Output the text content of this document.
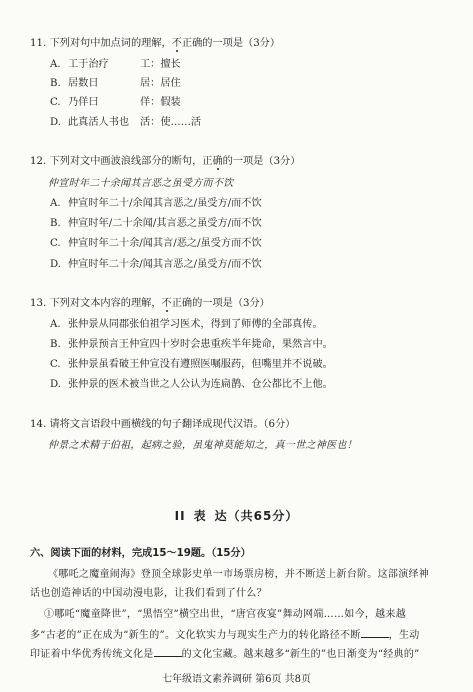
11. 下列对句中加点词的理解，不正确的一项是（3分）
A. 工于治疗	工：擅长
B. 居数日	居：居住
C. 乃佯曰	佯：假装
D. 此真活人书也 活：使……活
12. 下列对文中画波浪线部分的断句，正确的一项是（3分）
仲宣时年二十余闻其言恶之虽受方而不饮
A. 仲宣时年二十/余闻其言恶之/虽受方/而不饮
B. 仲宣时年/二十余闻/其言恶之虽受方/而不饮
C. 仲宣时年二十余/闻其言/恶之/虽受方而不饮
D. 仲宣时年二十余/闻其言恶之/虽受方/而不饮
13. 下列对文本内容的理解，不正确的一项是（3分）
A. 张仲景从同郡张伯祖学习医术，得到了师傅的全部真传。
B. 张仲景预言王仲宣四十岁时会患重疾半年毙命，果然言中。
C. 张仲景虽看破王仲宣没有遵照医嘱服药，但嘴里并不说破。
D. 张仲景的医术被当世之人公认为连扁鹊、仓公都比不上他。
14. 请将文言语段中画横线的句子翻译成现代汉语。（6分）
仲景之术精于伯祖，起病之验，虽鬼神莫能知之，真一世之神医也！
II 表 达（共65分）
六、阅读下面的材料，完成15～19题。（15分）
《哪吒之魔童闹海》登顶全球影史单一市场票房榜，并不断送上新台阶。这部演绎神
话也创造神话的中国动漫电影，让我们看到了什么？
①哪吒“魔童降世”，“黑悟空”横空出世，“唐宫夜宴”舞动网端……如今，越来越
多“古老的”正在成为“新生的”。文化软实力与现实生产力的转化路径不断	，生动
印证着中华优秀传统文化是	的文化宝藏。越来越多“新生的”也日渐变为“经典的”
七年级语文素养调研 第6页 共8页
